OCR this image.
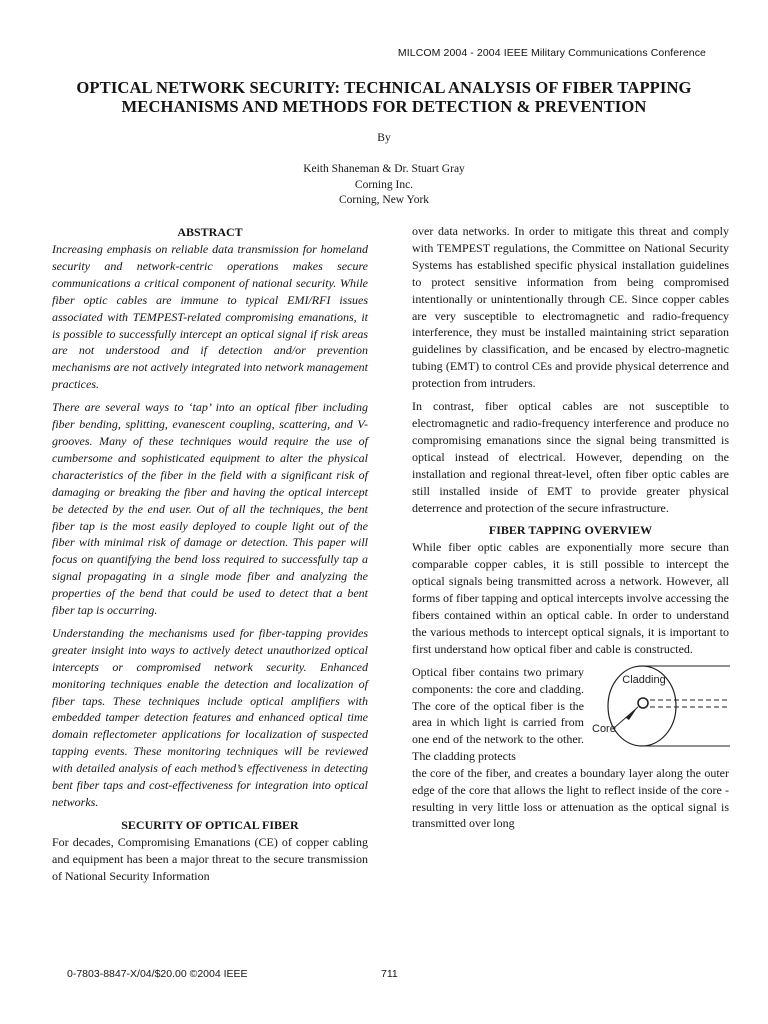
MILCOM 2004 - 2004 IEEE Military Communications Conference
OPTICAL NETWORK SECURITY: TECHNICAL ANALYSIS OF FIBER TAPPING
MECHANISMS AND METHODS FOR DETECTION & PREVENTION
By
Keith Shaneman & Dr. Stuart Gray
Corning Inc.
Corning, New York
ABSTRACT

Increasing emphasis on reliable data transmission for homeland security and network-centric operations makes secure communications a critical component of national security. While fiber optic cables are immune to typical EMI/RFI issues associated with TEMPEST-related compromising emanations, it is possible to successfully intercept an optical signal if risk areas are not understood and if detection and/or prevention mechanisms are not actively integrated into network management practices.

There are several ways to ‘tap’ into an optical fiber including fiber bending, splitting, evanescent coupling, scattering, and V-grooves. Many of these techniques would require the use of cumbersome and sophisticated equipment to alter the physical characteristics of the fiber in the field with a significant risk of damaging or breaking the fiber and having the optical intercept be detected by the end user. Out of all the techniques, the bent fiber tap is the most easily deployed to couple light out of the fiber with minimal risk of damage or detection. This paper will focus on quantifying the bend loss required to successfully tap a signal propagating in a single mode fiber and analyzing the properties of the bend that could be used to detect that a bent fiber tap is occurring.

Understanding the mechanisms used for fiber-tapping provides greater insight into ways to actively detect unauthorized optical intercepts or compromised network security. Enhanced monitoring techniques enable the detection and localization of fiber taps. These techniques include optical amplifiers with embedded tamper detection features and enhanced optical time domain reflectometer applications for localization of suspected tapping events. These monitoring techniques will be reviewed with detailed analysis of each method’s effectiveness in detecting bent fiber taps and cost-effectiveness for integration into optical networks.

SECURITY OF OPTICAL FIBER

For decades, Compromising Emanations (CE) of copper cabling and equipment has been a major threat to the secure transmission of National Security Information

over data networks. In order to mitigate this threat and comply with TEMPEST regulations, the Committee on National Security Systems has established specific physical installation guidelines to protect sensitive information from being compromised intentionally or unintentionally through CE. Since copper cables are very susceptible to electromagnetic and radio-frequency interference, they must be installed maintaining strict separation guidelines by classification, and be encased by electro-magnetic tubing (EMT) to control CEs and provide physical deterrence and protection from intruders.

In contrast, fiber optical cables are not susceptible to electromagnetic and radio-frequency interference and produce no compromising emanations since the signal being transmitted is optical instead of electrical. However, depending on the installation and regional threat-level, often fiber optic cables are still installed inside of EMT to provide greater physical deterrence and protection of the secure infrastructure.

FIBER TAPPING OVERVIEW

While fiber optic cables are exponentially more secure than comparable copper cables, it is still possible to intercept the optical signals being transmitted across a network. However, all forms of fiber tapping and optical intercepts involve accessing the fibers contained within an optical cable. In order to understand the various methods to intercept optical signals, it is important to first understand how optical fiber and cable is constructed.

Optical fiber contains two primary components: the core and cladding. The core of the optical fiber is the area in which light is carried from one end of the network to the other. The cladding protects
Cladding
Core

the core of the fiber, and creates a boundary layer along the outer edge of the core that allows the light to reflect inside of the core - resulting in very little loss or attenuation as the optical signal is transmitted over long

0-7803-8847-X/04/$20.00 ©2004 IEEE	711
